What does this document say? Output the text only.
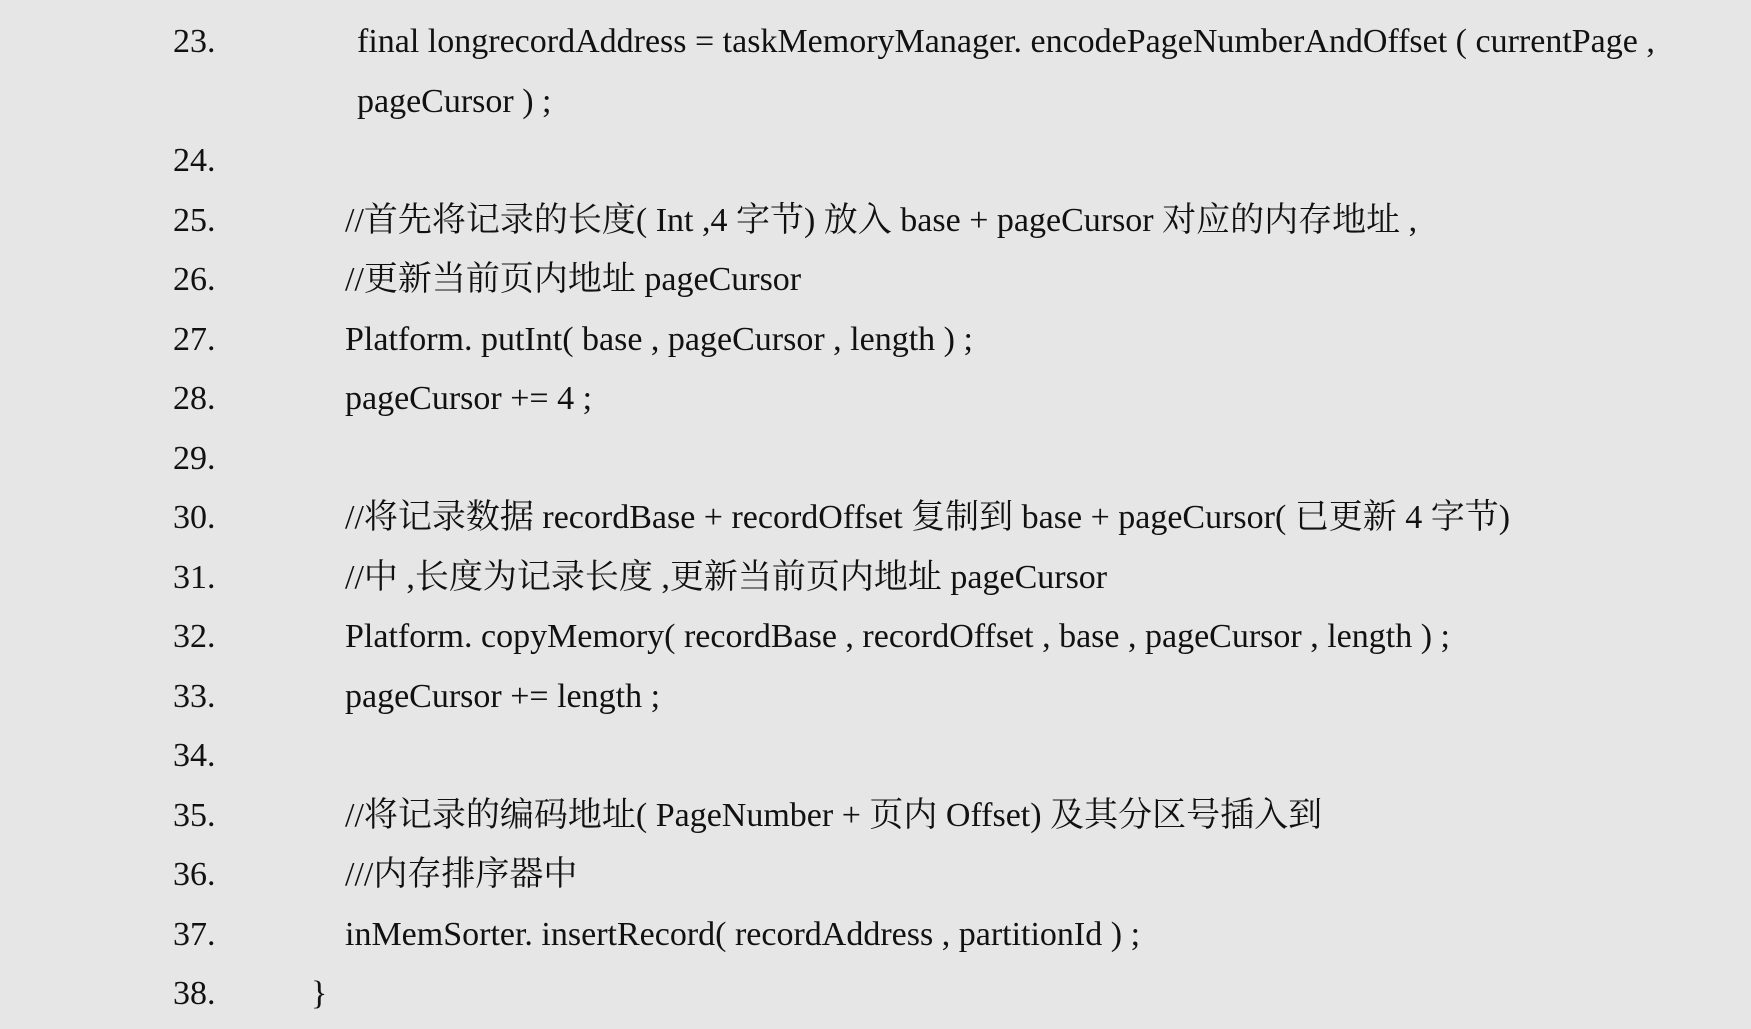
23.	final longrecordAddress = taskMemoryManager. encodePageNumberAndOffset ( currentPage ,
pageCursor ) ;
24.
25.	//首先将记录的长度( Int ,4 字节) 放入 base + pageCursor 对应的内存地址 ,
26.	//更新当前页内地址 pageCursor
27.	Platform. putInt( base , pageCursor , length ) ;
28.	pageCursor += 4 ;
29.
30.	//将记录数据 recordBase + recordOffset 复制到 base + pageCursor( 已更新 4 字节)
31.	//中 ,长度为记录长度 ,更新当前页内地址 pageCursor
32.	Platform. copyMemory( recordBase , recordOffset , base , pageCursor , length ) ;
33.	pageCursor += length ;
34.
35.	//将记录的编码地址( PageNumber + 页内 Offset) 及其分区号插入到
36.	///内存排序器中
37.	inMemSorter. insertRecord( recordAddress , partitionId ) ;
38.	}
